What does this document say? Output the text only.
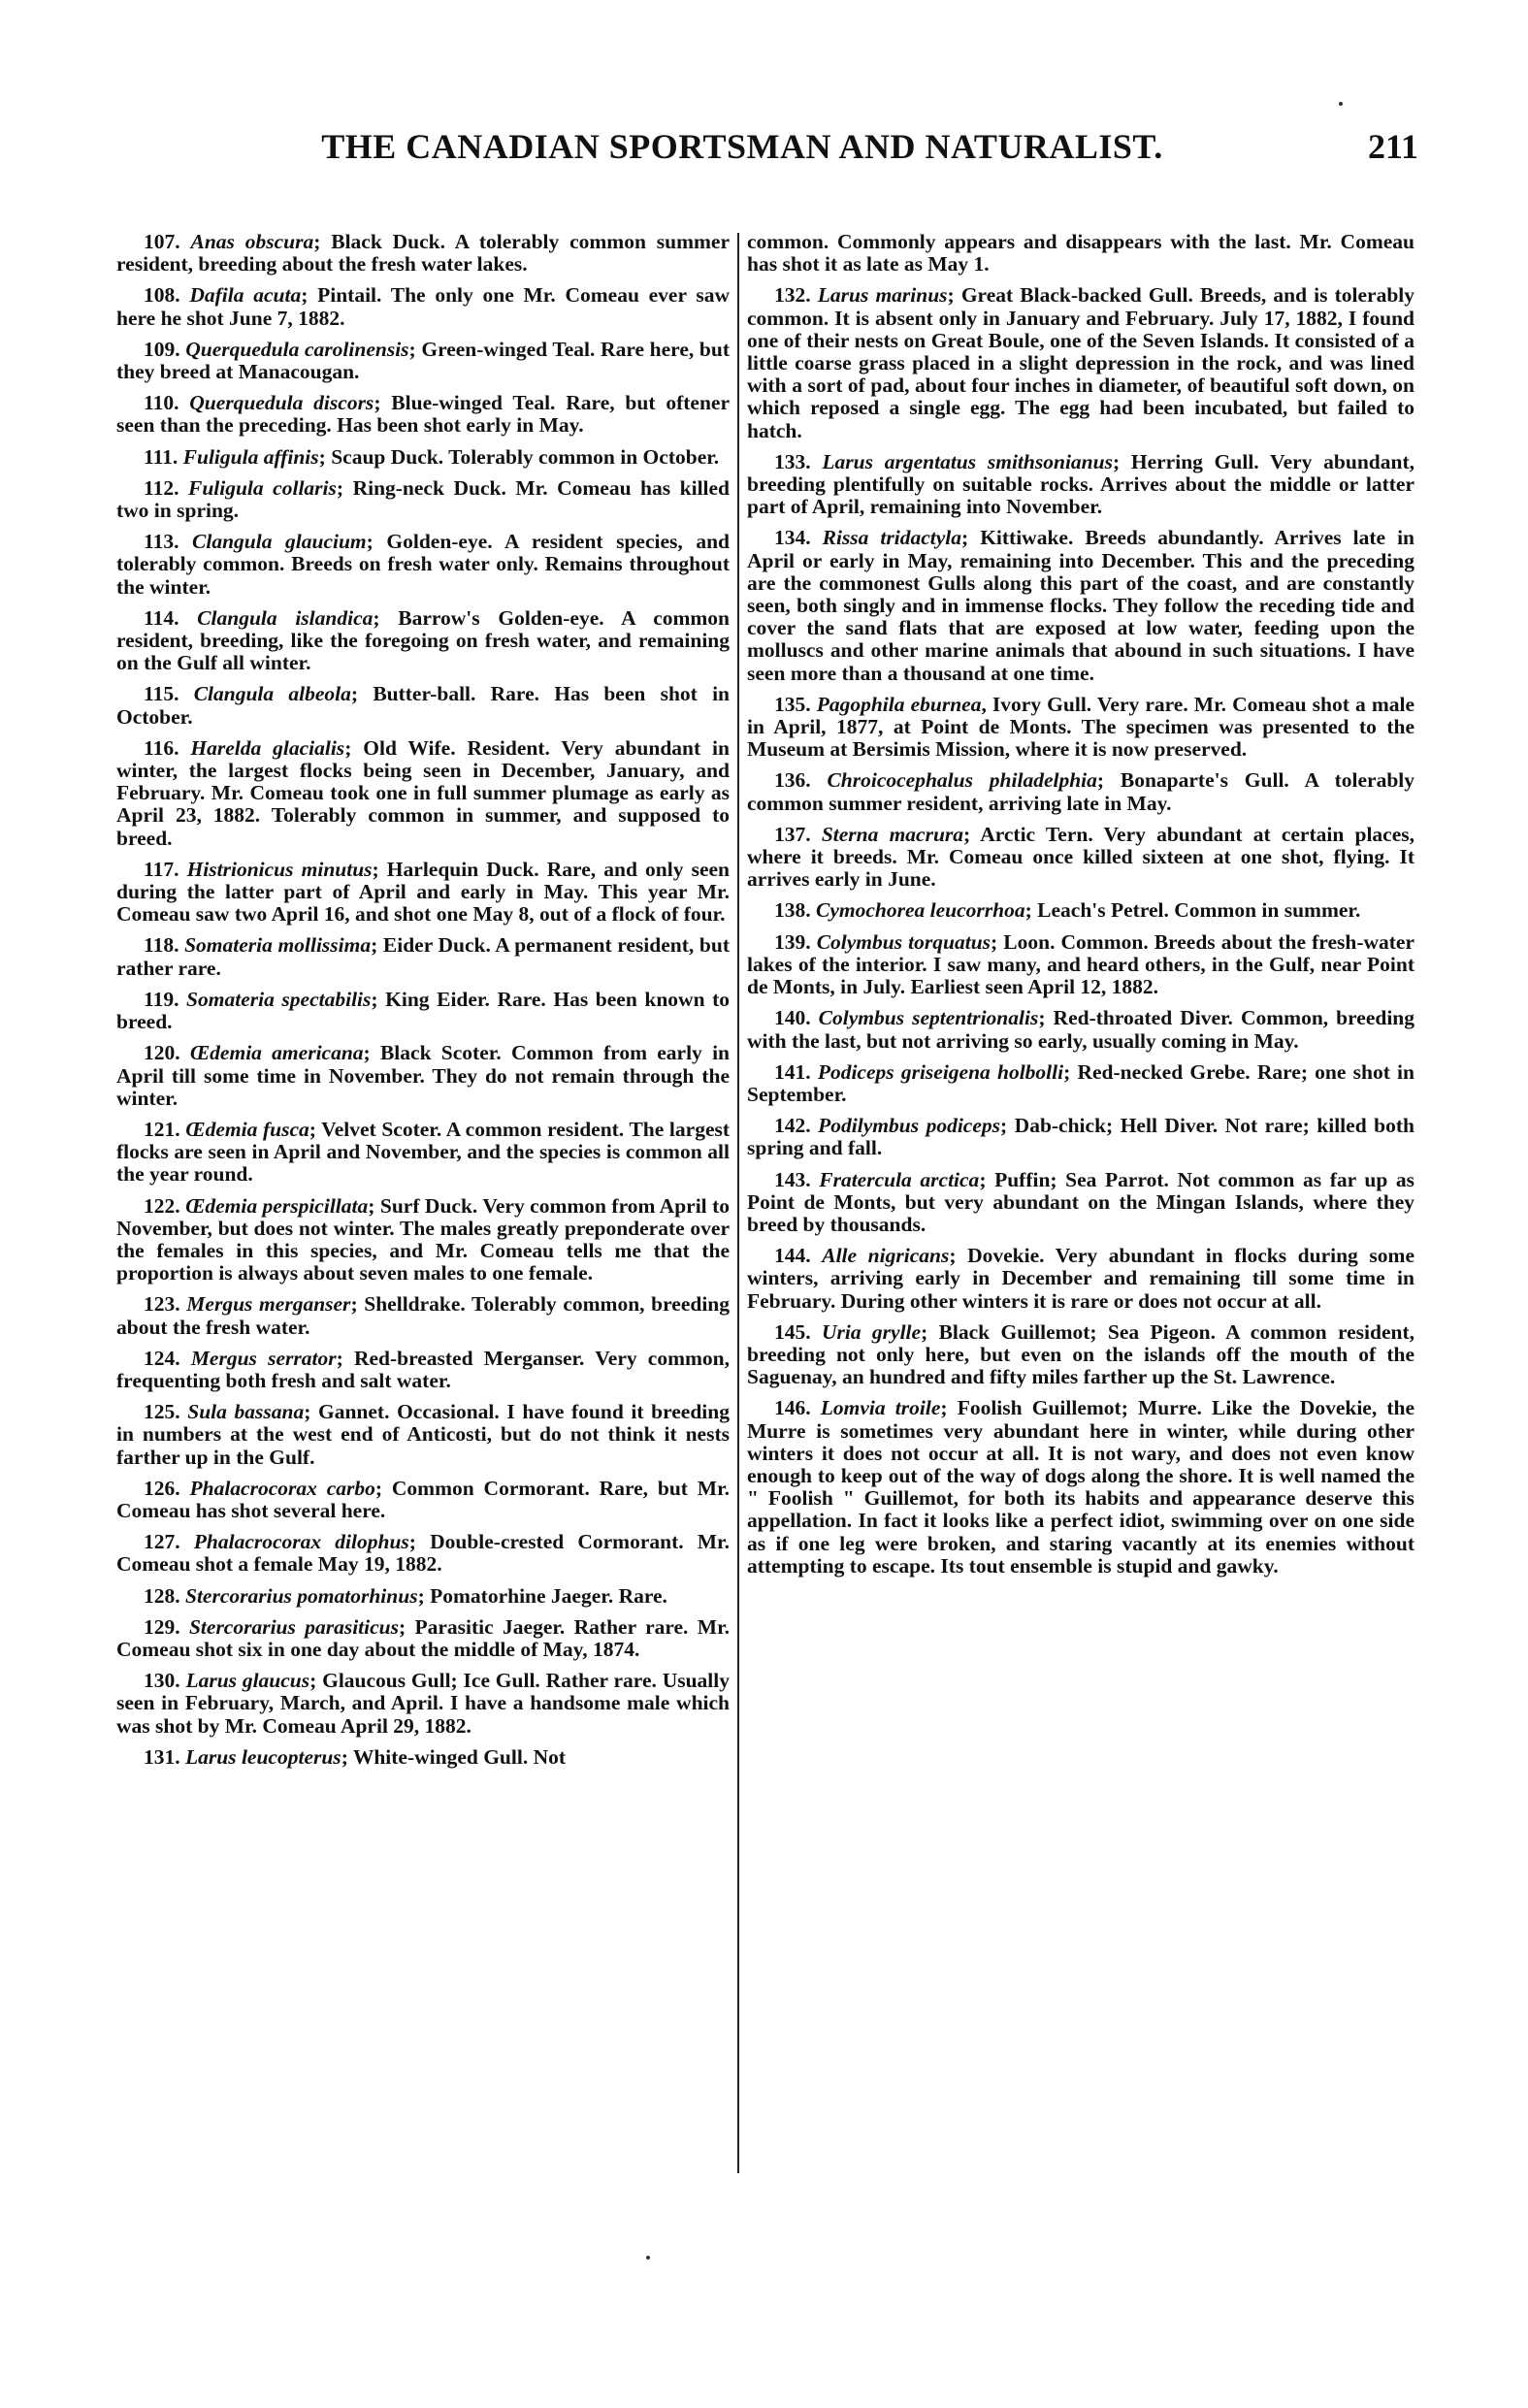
THE CANADIAN SPORTSMAN AND NATURALIST.	211

107. Anas obscura; Black Duck. A tolerably common summer resident, breeding about the fresh water lakes.

108. Dafila acuta; Pintail. The only one Mr. Comeau ever saw here he shot June 7, 1882.

109. Querquedula carolinensis; Green-winged Teal. Rare here, but they breed at Manacougan.

110. Querquedula discors; Blue-winged Teal. Rare, but oftener seen than the preceding. Has been shot early in May.

111. Fuligula affinis; Scaup Duck. Tolerably common in October.

112. Fuligula collaris; Ring-neck Duck. Mr. Comeau has killed two in spring.

113. Clangula glaucium; Golden-eye. A resident species, and tolerably common. Breeds on fresh water only. Remains throughout the winter.

114. Clangula islandica; Barrow's Golden-eye. A common resident, breeding, like the foregoing on fresh water, and remaining on the Gulf all winter.

115. Clangula albeola; Butter-ball. Rare. Has been shot in October.

116. Harelda glacialis; Old Wife. Resident. Very abundant in winter, the largest flocks being seen in December, January, and February. Mr. Comeau took one in full summer plumage as early as April 23, 1882. Tolerably common in summer, and supposed to breed.

117. Histrionicus minutus; Harlequin Duck. Rare, and only seen during the latter part of April and early in May. This year Mr. Comeau saw two April 16, and shot one May 8, out of a flock of four.

118. Somateria mollissima; Eider Duck. A permanent resident, but rather rare.

119. Somateria spectabilis; King Eider. Rare. Has been known to breed.

120. Œdemia americana; Black Scoter. Common from early in April till some time in November. They do not remain through the winter.

121. Œdemia fusca; Velvet Scoter. A common resident. The largest flocks are seen in April and November, and the species is common all the year round.

122. Œdemia perspicillata; Surf Duck. Very common from April to November, but does not winter. The males greatly preponderate over the females in this species, and Mr. Comeau tells me that the proportion is always about seven males to one female.

123. Mergus merganser; Shelldrake. Tolerably common, breeding about the fresh water.

124. Mergus serrator; Red-breasted Merganser. Very common, frequenting both fresh and salt water.

125. Sula bassana; Gannet. Occasional. I have found it breeding in numbers at the west end of Anticosti, but do not think it nests farther up in the Gulf.

126. Phalacrocorax carbo; Common Cormorant. Rare, but Mr. Comeau has shot several here.

127. Phalacrocorax dilophus; Double-crested Cormorant. Mr. Comeau shot a female May 19, 1882.

128. Stercorarius pomatorhinus; Pomatorhine Jaeger. Rare.

129. Stercorarius parasiticus; Parasitic Jaeger. Rather rare. Mr. Comeau shot six in one day about the middle of May, 1874.

130. Larus glaucus; Glaucous Gull; Ice Gull. Rather rare. Usually seen in February, March, and April. I have a handsome male which was shot by Mr. Comeau April 29, 1882.

131. Larus leucopterus; White-winged Gull. Not

common. Commonly appears and disappears with the last. Mr. Comeau has shot it as late as May 1.

132. Larus marinus; Great Black-backed Gull. Breeds, and is tolerably common. It is absent only in January and February. July 17, 1882, I found one of their nests on Great Boule, one of the Seven Islands. It consisted of a little coarse grass placed in a slight depression in the rock, and was lined with a sort of pad, about four inches in diameter, of beautiful soft down, on which reposed a single egg. The egg had been incubated, but failed to hatch.

133. Larus argentatus smithsonianus; Herring Gull. Very abundant, breeding plentifully on suitable rocks. Arrives about the middle or latter part of April, remaining into November.

134. Rissa tridactyla; Kittiwake. Breeds abundantly. Arrives late in April or early in May, remaining into December. This and the preceding are the commonest Gulls along this part of the coast, and are constantly seen, both singly and in immense flocks. They follow the receding tide and cover the sand flats that are exposed at low water, feeding upon the molluscs and other marine animals that abound in such situations. I have seen more than a thousand at one time.

135. Pagophila eburnea, Ivory Gull. Very rare. Mr. Comeau shot a male in April, 1877, at Point de Monts. The specimen was presented to the Museum at Bersimis Mission, where it is now preserved.

136. Chroicocephalus philadelphia; Bonaparte's Gull. A tolerably common summer resident, arriving late in May.

137. Sterna macrura; Arctic Tern. Very abundant at certain places, where it breeds. Mr. Comeau once killed sixteen at one shot, flying. It arrives early in June.

138. Cymochorea leucorrhoa; Leach's Petrel. Common in summer.

139. Colymbus torquatus; Loon. Common. Breeds about the fresh-water lakes of the interior. I saw many, and heard others, in the Gulf, near Point de Monts, in July. Earliest seen April 12, 1882.

140. Colymbus septentrionalis; Red-throated Diver. Common, breeding with the last, but not arriving so early, usually coming in May.

141. Podiceps griseigena holbolli; Red-necked Grebe. Rare; one shot in September.

142. Podilymbus podiceps; Dab-chick; Hell Diver. Not rare; killed both spring and fall.

143. Fratercula arctica; Puffin; Sea Parrot. Not common as far up as Point de Monts, but very abundant on the Mingan Islands, where they breed by thousands.

144. Alle nigricans; Dovekie. Very abundant in flocks during some winters, arriving early in December and remaining till some time in February. During other winters it is rare or does not occur at all.

145. Uria grylle; Black Guillemot; Sea Pigeon. A common resident, breeding not only here, but even on the islands off the mouth of the Saguenay, an hundred and fifty miles farther up the St. Lawrence.

146. Lomvia troile; Foolish Guillemot; Murre. Like the Dovekie, the Murre is sometimes very abundant here in winter, while during other winters it does not occur at all. It is not wary, and does not even know enough to keep out of the way of dogs along the shore. It is well named the " Foolish " Guillemot, for both its habits and appearance deserve this appellation. In fact it looks like a perfect idiot, swimming over on one side as if one leg were broken, and staring vacantly at its enemies without attempting to escape. Its tout ensemble is stupid and gawky.
